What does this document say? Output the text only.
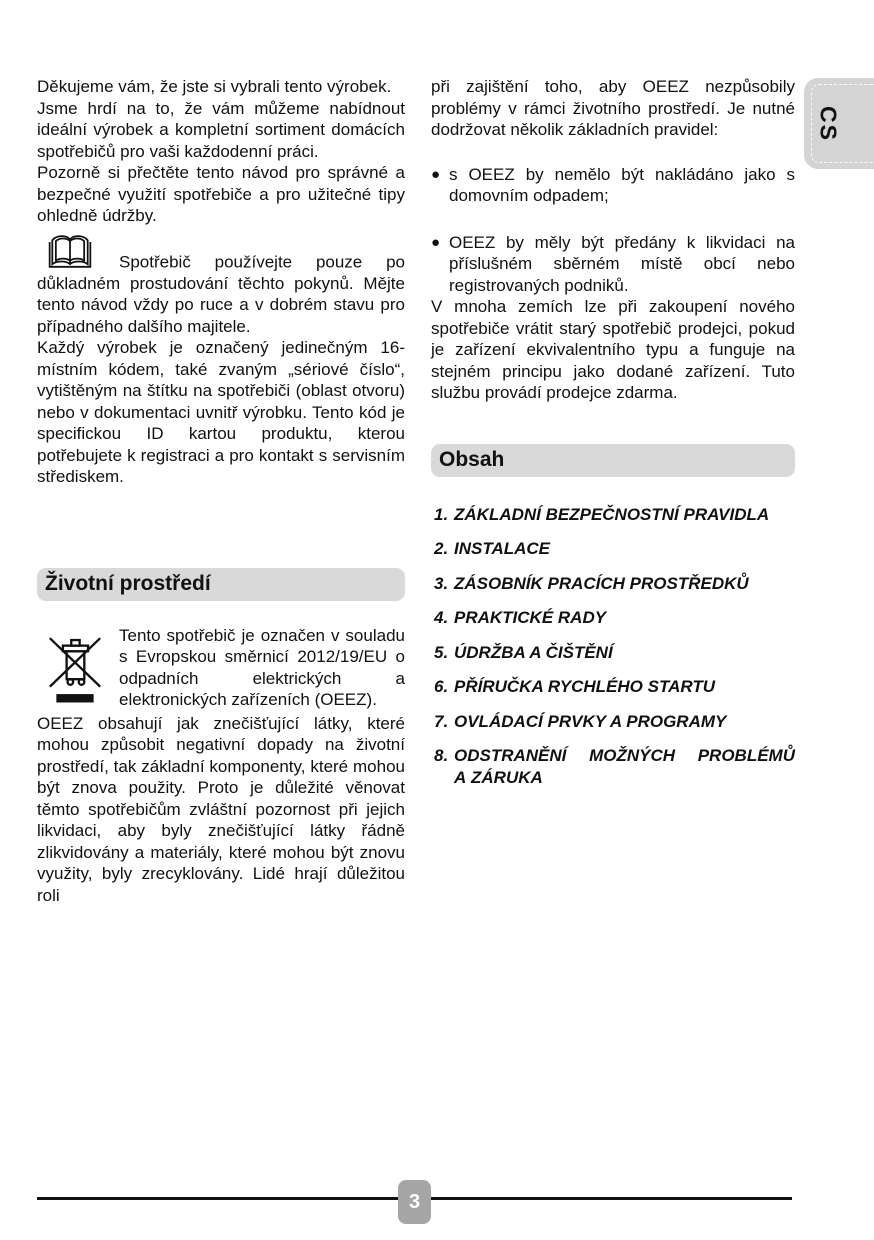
CS

Děkujeme vám, že jste si vybrali tento výrobek.

Jsme hrdí na to, že vám můžeme nabídnout ideální výrobek a kompletní sortiment domácích spotřebičů pro vaši každodenní práci.

Pozorně si přečtěte tento návod pro správné a bezpečné využití spotřebiče a pro užitečné tipy ohledně údržby.

Spotřebič používejte pouze po důkladném prostudování těchto pokynů. Mějte tento návod vždy po ruce a v dobrém stavu pro případného dalšího majitele.

Každý výrobek je označený jedinečným 16-místním kódem, také zvaným „sériové číslo“, vytištěným na štítku na spotřebiči (oblast otvoru) nebo v dokumentaci uvnitř výrobku. Tento kód je specifickou ID kartou produktu, kterou potřebujete k registraci a pro kontakt s servisním střediskem.

Životní prostředí

Tento spotřebič je označen v souladu s Evropskou směrnicí 2012/19/EU o odpadních elektrických a elektronických zařízeních (OEEZ).

OEEZ obsahují jak znečišťující látky, které mohou způsobit negativní dopady na životní prostředí, tak základní komponenty, které mohou být znova použity. Proto je důležité věnovat těmto spotřebičům zvláštní pozornost při jejich likvidaci, aby byly znečišťující látky řádně zlikvidovány a materiály, které mohou být znovu využity, byly zrecyklovány. Lidé hrají důležitou roli

při zajištění toho, aby OEEZ nezpůsobily problémy v rámci životního prostředí. Je nutné dodržovat několik základních pravidel:

● s OEEZ by nemělo být nakládáno jako s domovním odpadem;

● OEEZ by měly být předány k likvidaci na příslušném sběrném místě obcí nebo registrovaných podniků.

V mnoha zemích lze při zakoupení nového spotřebiče vrátit starý spotřebič prodejci, pokud je zařízení ekvivalentního typu a funguje na stejném principu jako dodané zařízení. Tuto službu provádí prodejce zdarma.

Obsah
1. ZÁKLADNÍ BEZPEČNOSTNÍ PRAVIDLA
2. INSTALACE
3. ZÁSOBNÍK PRACÍCH PROSTŘEDKŮ
4. PRAKTICKÉ RADY
5. ÚDRŽBA A ČIŠTĚNÍ
6. PŘÍRUČKA RYCHLÉHO STARTU
7. OVLÁDACÍ PRVKY A PROGRAMY
8. ODSTRANĚNÍ MOŽNÝCH PROBLÉMŮ A ZÁRUKA
3
